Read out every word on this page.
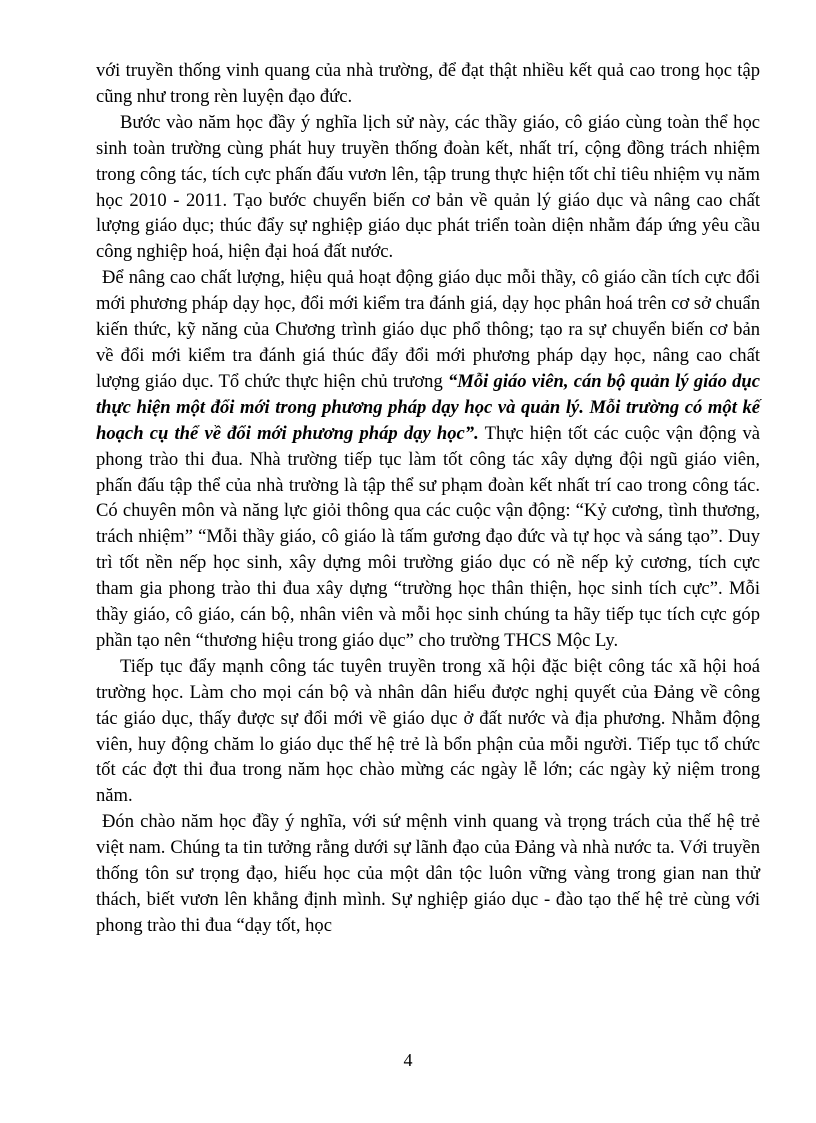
với truyền thống vinh quang của nhà trường, để đạt thật nhiều kết quả cao trong học tập cũng như trong rèn luyện đạo đức.

Bước vào năm học đầy ý nghĩa lịch sử này, các thầy giáo, cô giáo cùng toàn thể học sinh toàn trường cùng phát huy truyền thống đoàn kết, nhất trí, cộng đồng trách nhiệm trong công tác, tích cực phấn đấu vươn lên, tập trung thực hiện tốt chỉ tiêu nhiệm vụ năm học 2010 - 2011. Tạo bước chuyển biến cơ bản về quản lý giáo dục và nâng cao chất lượng giáo dục; thúc đẩy sự nghiệp giáo dục phát triển toàn diện nhằm đáp ứng yêu cầu công nghiệp hoá, hiện đại hoá đất nước.

Để nâng cao chất lượng, hiệu quả hoạt động giáo dục mỗi thầy, cô giáo cần tích cực đổi mới phương pháp dạy học, đổi mới kiểm tra đánh giá, dạy học phân hoá trên cơ sở chuẩn kiến thức, kỹ năng của Chương trình giáo dục phổ thông; tạo ra sự chuyển biến cơ bản về đổi mới kiểm tra đánh giá thúc đẩy đổi mới phương pháp dạy học, nâng cao chất lượng giáo dục. Tổ chức thực hiện chủ trương “Mỗi giáo viên, cán bộ quản lý giáo dục thực hiện một đổi mới trong phương pháp dạy học và quản lý. Mỗi trường có một kế hoạch cụ thể về đổi mới phương pháp dạy học”. Thực hiện tốt các cuộc vận động và phong trào thi đua. Nhà trường tiếp tục làm tốt công tác xây dựng đội ngũ giáo viên, phấn đấu tập thể của nhà trường là tập thể sư phạm đoàn kết nhất trí cao trong công tác. Có chuyên môn và năng lực giỏi thông qua các cuộc vận động: “Kỷ cương, tình thương, trách nhiệm” “Mỗi thầy giáo, cô giáo là tấm gương đạo đức và tự học và sáng tạo”. Duy trì tốt nền nếp học sinh, xây dựng môi trường giáo dục có nề nếp kỷ cương, tích cực tham gia phong trào thi đua xây dựng “trường học thân thiện, học sinh tích cực”. Mỗi thầy giáo, cô giáo, cán bộ, nhân viên và mỗi học sinh chúng ta hãy tiếp tục tích cực góp phần tạo nên “thương hiệu trong giáo dục” cho trường THCS Mộc Ly.

Tiếp tục đẩy mạnh công tác tuyên truyền trong xã hội đặc biệt công tác xã hội hoá trường học. Làm cho mọi cán bộ và nhân dân hiểu được nghị quyết của Đảng về công tác giáo dục, thấy được sự đổi mới về giáo dục ở đất nước và địa phương. Nhằm động viên, huy động chăm lo giáo dục thế hệ trẻ là bổn phận của mỗi người. Tiếp tục tổ chức tốt các đợt thi đua trong năm học chào mừng các ngày lễ lớn; các ngày kỷ niệm trong năm.

Đón chào năm học đầy ý nghĩa, với sứ mệnh vinh quang và trọng trách của thế hệ trẻ việt nam. Chúng ta tin tưởng rằng dưới sự lãnh đạo của Đảng và nhà nước ta. Với truyền thống tôn sư trọng đạo, hiếu học của một dân tộc luôn vững vàng trong gian nan thử thách, biết vươn lên khẳng định mình. Sự nghiệp giáo dục - đào tạo thế hệ trẻ cùng với phong trào thi đua “dạy tốt, học

4
